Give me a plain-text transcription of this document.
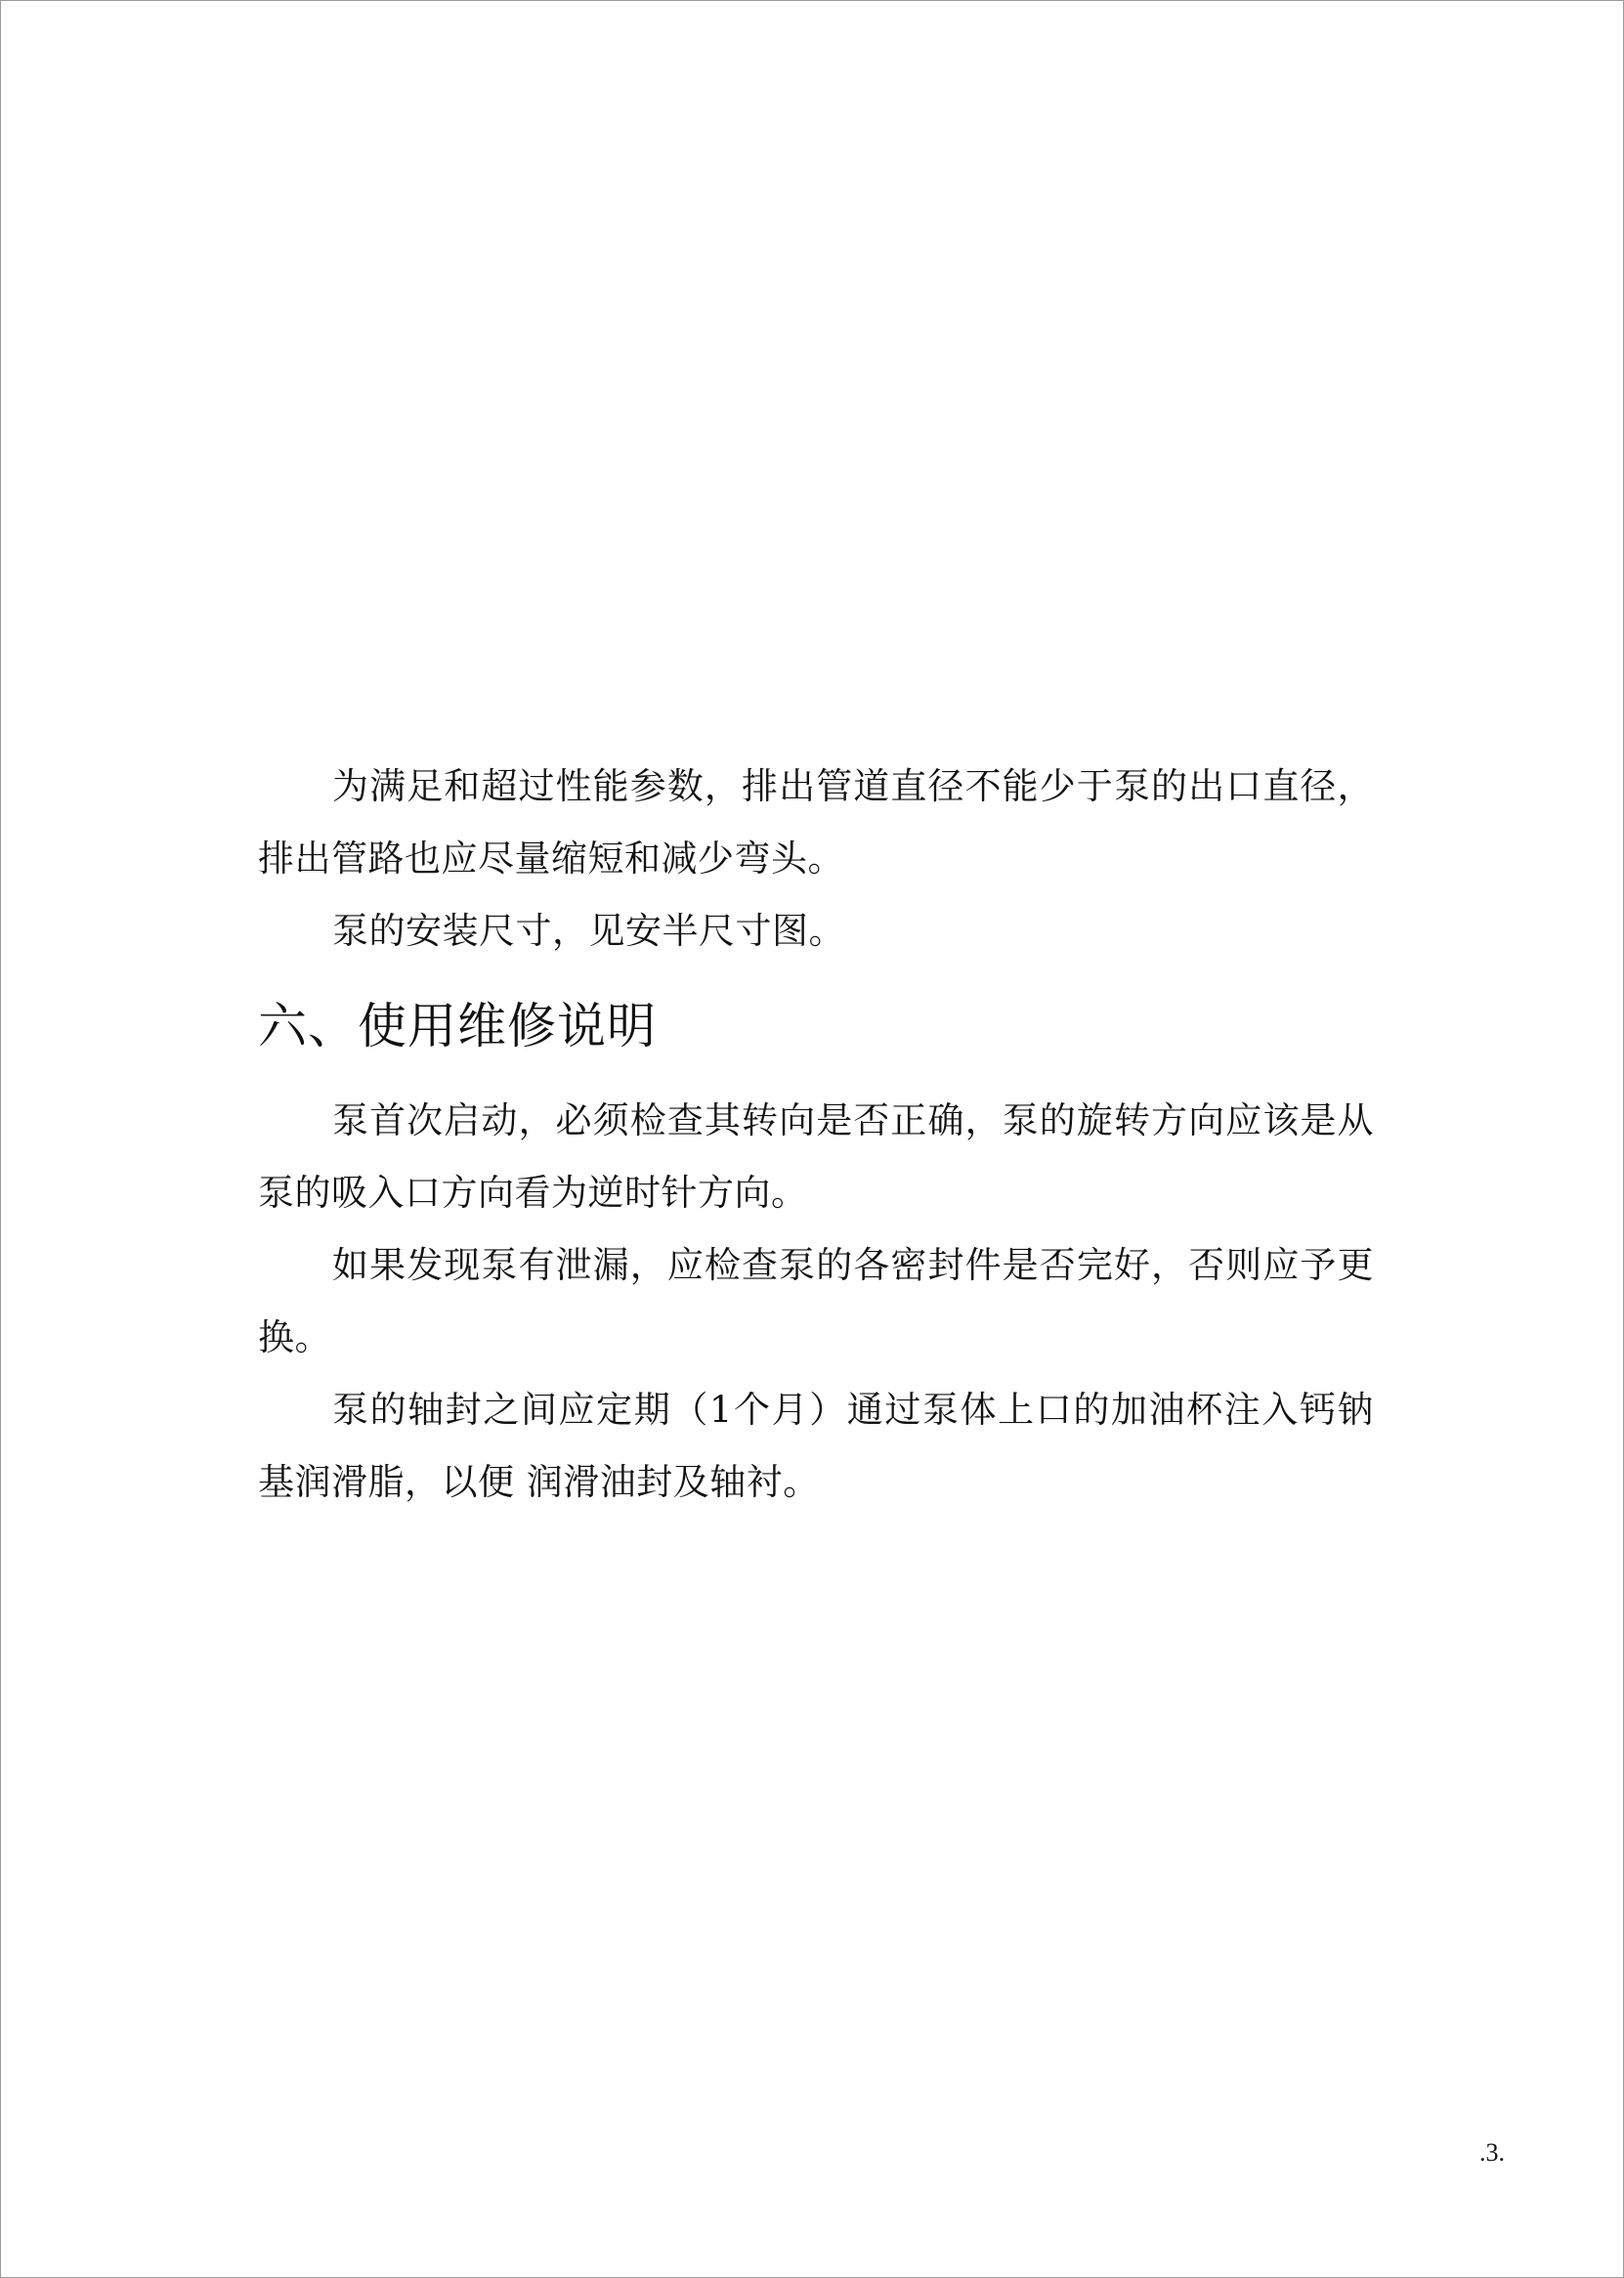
为满足和超过性能参数，排出管道直径不能少于泵的出口直径，排出管路也应尽量缩短和减少弯头。

泵的安装尺寸，见安半尺寸图。

六、使用维修说明

泵首次启动，必须检查其转向是否正确，泵的旋转方向应该是从泵的吸入口方向看为逆时针方向。

如果发现泵有泄漏，应检查泵的各密封件是否完好，否则应予更换。

泵的轴封之间应定期（1个月）通过泵体上口的加油杯注入钙钠基润滑脂，以便 润滑油封及轴衬。

.3.
